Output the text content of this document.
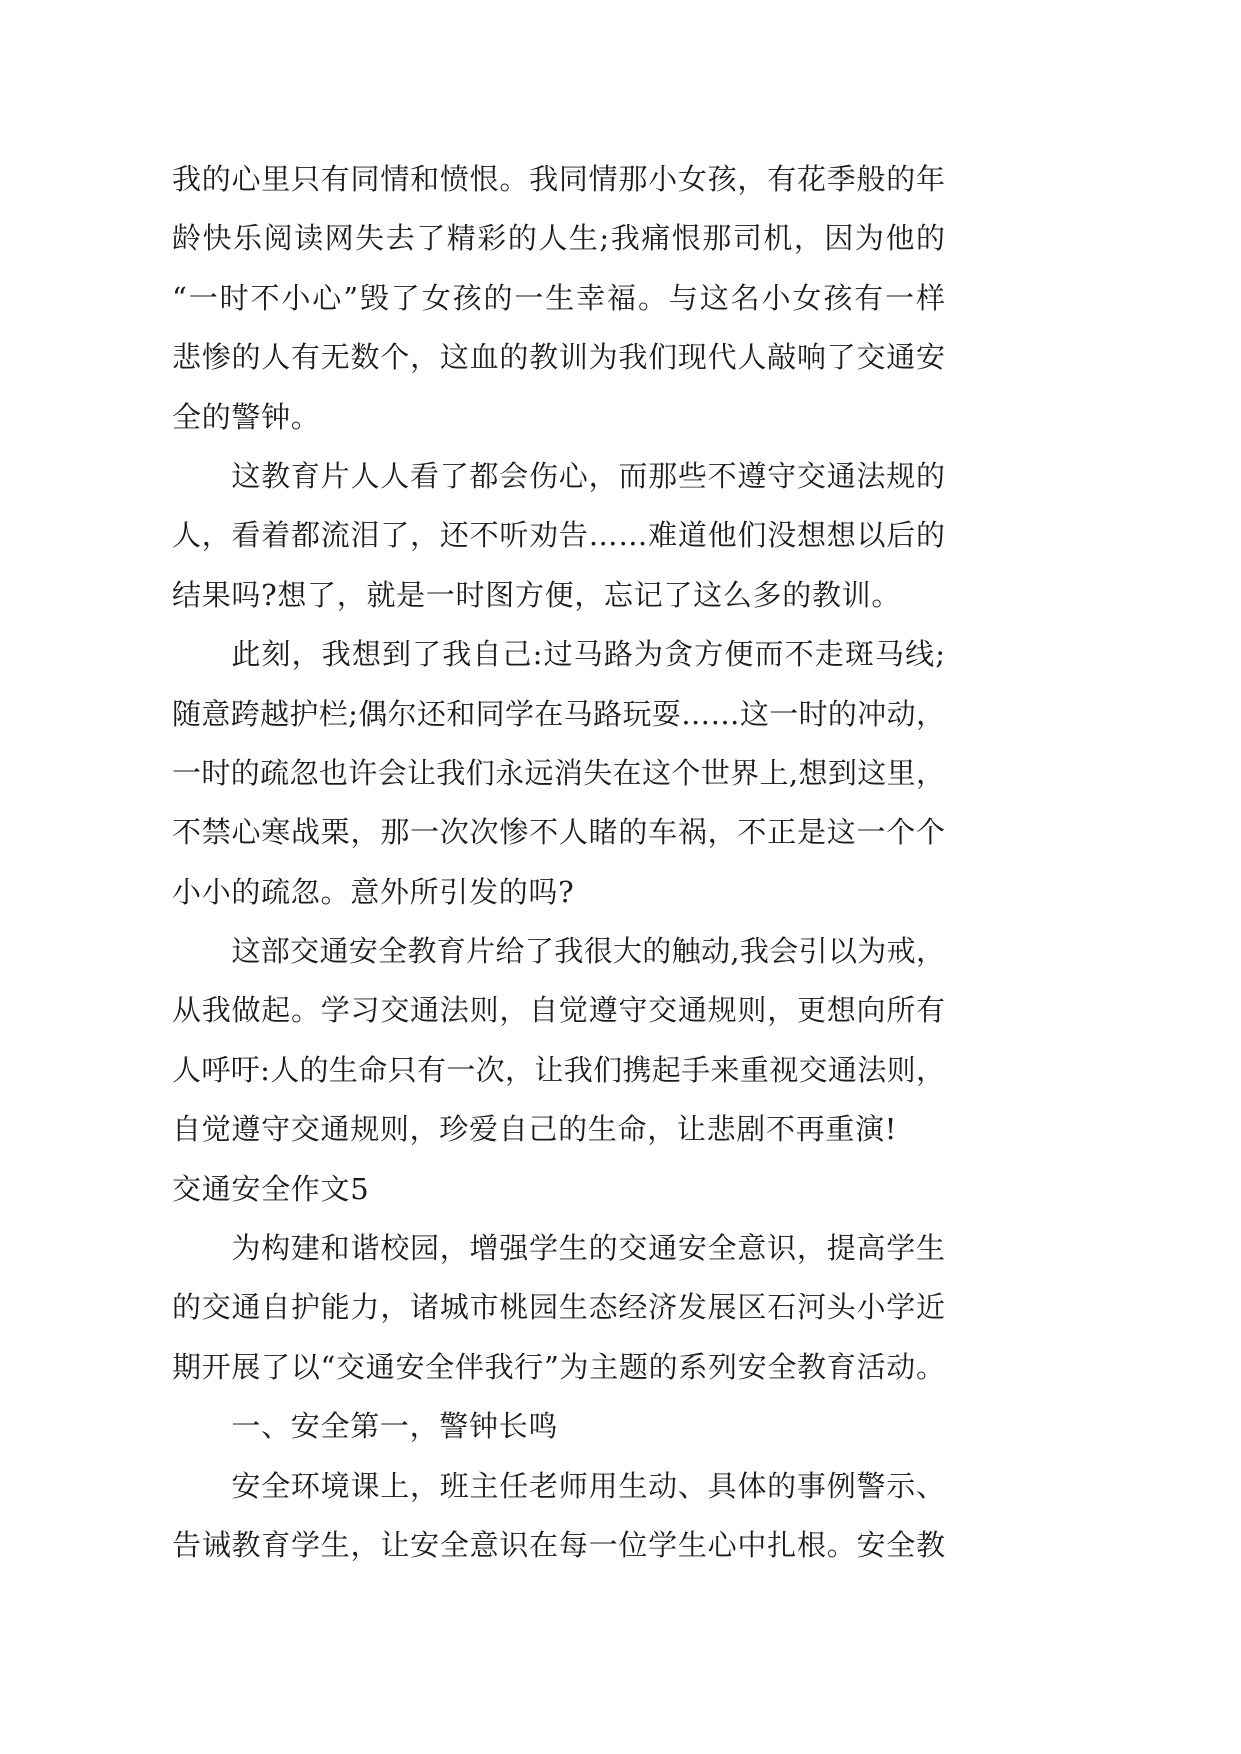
我的心里只有同情和愤恨。我同情那小女孩，有花季般的年
龄快乐阅读网失去了精彩的人生;我痛恨那司机，因为他的
“一时不小心”毁了女孩的一生幸福。与这名小女孩有一样
悲惨的人有无数个，这血的教训为我们现代人敲响了交通安
全的警钟。
这教育片人人看了都会伤心，而那些不遵守交通法规的
人，看着都流泪了，还不听劝告……难道他们没想想以后的
结果吗?想了，就是一时图方便，忘记了这么多的教训。
此刻，我想到了我自己:过马路为贪方便而不走斑马线;
随意跨越护栏;偶尔还和同学在马路玩耍……这一时的冲动，
一时的疏忽也许会让我们永远消失在这个世界上,想到这里，
不禁心寒战栗，那一次次惨不人睹的车祸，不正是这一个个
小小的疏忽。意外所引发的吗?
这部交通安全教育片给了我很大的触动,我会引以为戒，
从我做起。学习交通法则，自觉遵守交通规则，更想向所有
人呼吁:人的生命只有一次，让我们携起手来重视交通法则，
自觉遵守交通规则，珍爱自己的生命，让悲剧不再重演!
交通安全作文5
为构建和谐校园，增强学生的交通安全意识，提高学生
的交通自护能力，诸城市桃园生态经济发展区石河头小学近
期开展了以“交通安全伴我行”为主题的系列安全教育活动。
一、安全第一，警钟长鸣
安全环境课上，班主任老师用生动、具体的事例警示、
告诫教育学生，让安全意识在每一位学生心中扎根。安全教
